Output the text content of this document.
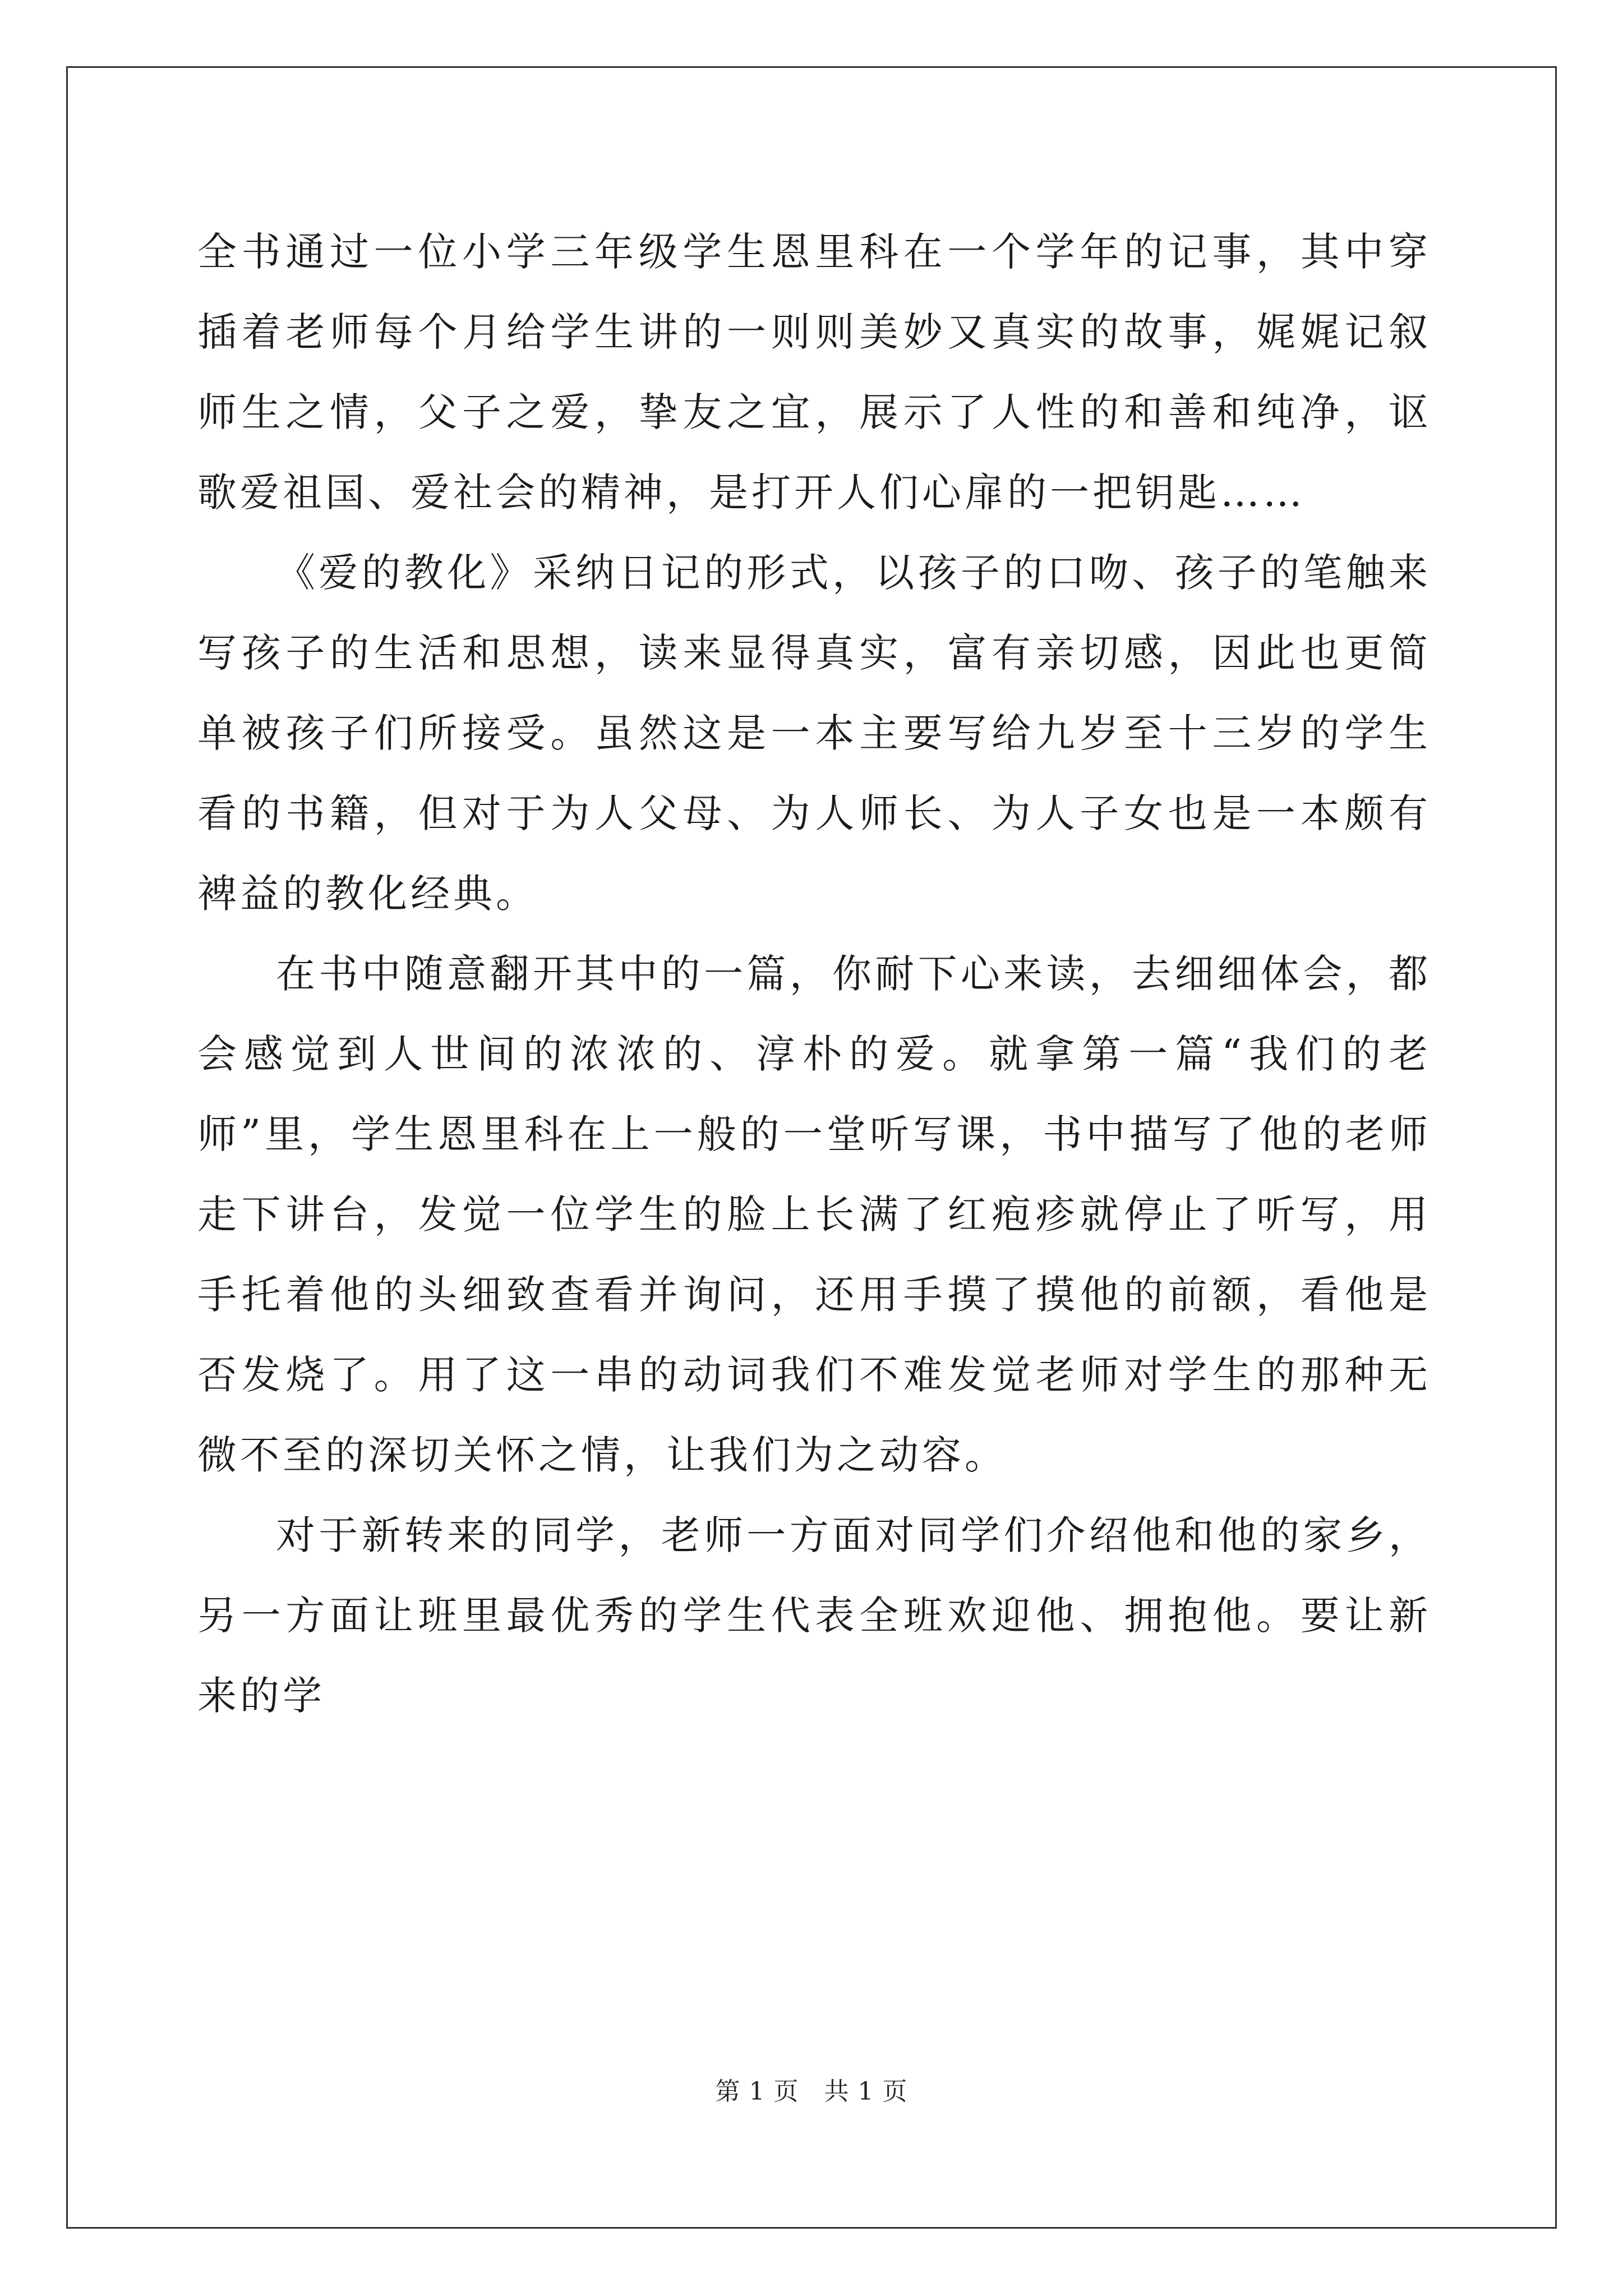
全书通过一位小学三年级学生恩里科在一个学年的记事，其中穿插着老师每个月给学生讲的一则则美妙又真实的故事，娓娓记叙师生之情，父子之爱，挚友之宜，展示了人性的和善和纯净，讴歌爱祖国、爱社会的精神，是打开人们心扉的一把钥匙……

《爱的教化》采纳日记的形式，以孩子的口吻、孩子的笔触来写孩子的生活和思想，读来显得真实，富有亲切感，因此也更简单被孩子们所接受。虽然这是一本主要写给九岁至十三岁的学生看的书籍，但对于为人父母、为人师长、为人子女也是一本颇有裨益的教化经典。

在书中随意翻开其中的一篇，你耐下心来读，去细细体会，都会感觉到人世间的浓浓的、淳朴的爱。就拿第一篇“我们的老师”里，学生恩里科在上一般的一堂听写课，书中描写了他的老师走下讲台，发觉一位学生的脸上长满了红疱疹就停止了听写，用手托着他的头细致查看并询问，还用手摸了摸他的前额，看他是否发烧了。用了这一串的动词我们不难发觉老师对学生的那种无微不至的深切关怀之情，让我们为之动容。

对于新转来的同学，老师一方面对同学们介绍他和他的家乡，另一方面让班里最优秀的学生代表全班欢迎他、拥抱他。要让新来的学

第 1 页   共 1 页
